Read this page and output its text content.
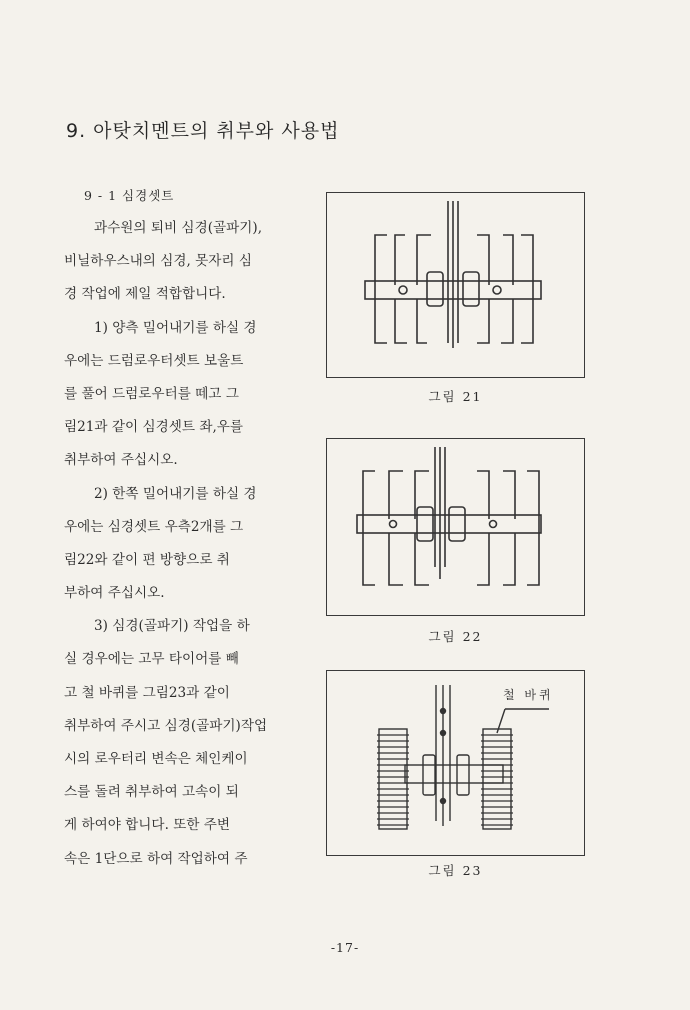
9. 아탓치멘트의 취부와 사용법
9 - 1 심경셋트
과수원의 퇴비 심경(골파기),
비닐하우스내의 심경, 못자리 심
경 작업에 제일 적합합니다.
1) 양측 밀어내기를 하실 경
우에는 드럼로우터셋트 보울트
를 풀어 드럼로우터를 떼고 그
림21과 같이 심경셋트 좌,우를
취부하여 주십시오.
2) 한쪽 밀어내기를 하실 경
우에는 심경셋트 우측2개를 그
림22와 같이 편 방향으로 취
부하여 주십시오.
3) 심경(골파기) 작업을 하
실 경우에는 고무 타이어를 빼
고 철 바퀴를 그림23과 같이
취부하여 주시고 심경(골파기)작업
시의 로우터리 변속은 체인케이
스를 돌려 취부하여 고속이 되
게 하여야 합니다. 또한 주변
속은 1단으로 하여 작업하여 주
그림 21
그림 22
철 바퀴
그림 23
-17-
